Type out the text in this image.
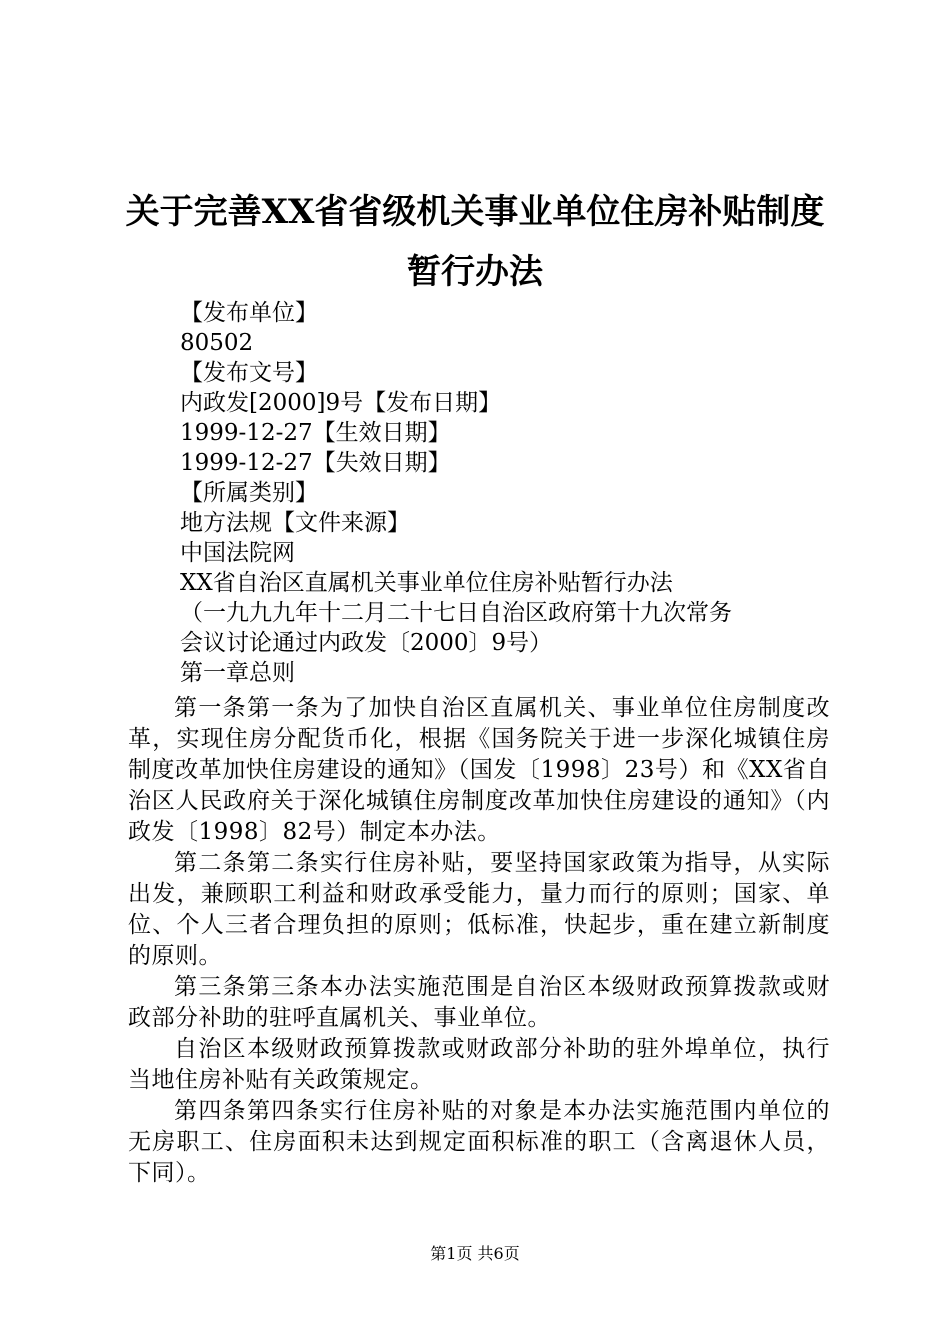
关于完善XX省省级机关事业单位住房补贴制度暂行办法
【发布单位】
80502
【发布文号】
内政发[2000]9号【发布日期】
1999-12-27【生效日期】
1999-12-27【失效日期】
【所属类别】
地方法规【文件来源】
中国法院网
XX省自治区直属机关事业单位住房补贴暂行办法
（一九九九年十二月二十七日自治区政府第十九次常务
会议讨论通过内政发〔2000〕9号）
第一章总则

第一条第一条为了加快自治区直属机关、事业单位住房制度改革，实现住房分配货币化，根据《国务院关于进一步深化城镇住房制度改革加快住房建设的通知》（国发〔1998〕23号）和《XX省自治区人民政府关于深化城镇住房制度改革加快住房建设的通知》（内政发〔1998〕82号）制定本办法。

第二条第二条实行住房补贴，要坚持国家政策为指导，从实际出发，兼顾职工利益和财政承受能力，量力而行的原则；国家、单位、个人三者合理负担的原则；低标准，快起步，重在建立新制度的原则。

第三条第三条本办法实施范围是自治区本级财政预算拨款或财政部分补助的驻呼直属机关、事业单位。

自治区本级财政预算拨款或财政部分补助的驻外埠单位，执行当地住房补贴有关政策规定。

第四条第四条实行住房补贴的对象是本办法实施范围内单位的无房职工、住房面积未达到规定面积标准的职工（含离退休人员，下同）。

第1页 共6页
